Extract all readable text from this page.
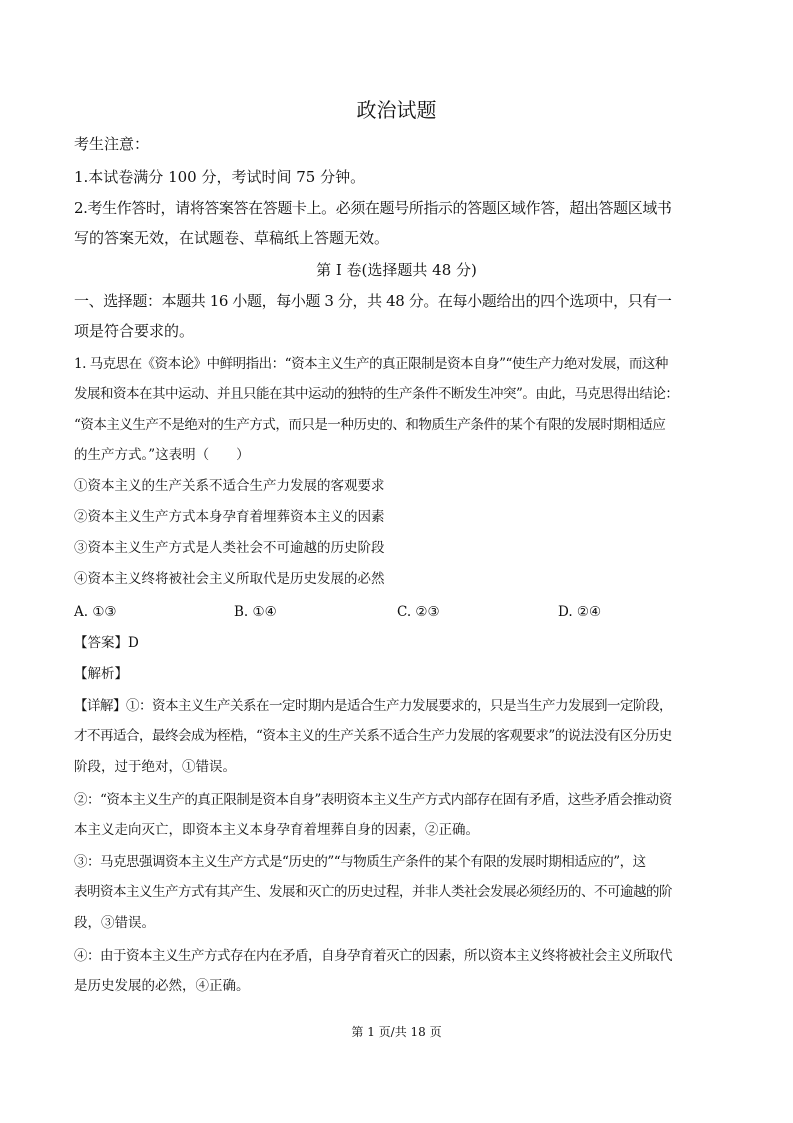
政治试题
考生注意：
1.本试卷满分 100 分，考试时间 75 分钟。
2.考生作答时，请将答案答在答题卡上。必须在题号所指示的答题区域作答，超出答题区域书
写的答案无效，在试题卷、草稿纸上答题无效。
第 I 卷(选择题共 48 分)
一、选择题：本题共 16 小题，每小题 3 分，共 48 分。在每小题给出的四个选项中，只有一
项是符合要求的。
1. 马克思在《资本论》中鲜明指出：“资本主义生产的真正限制是资本自身”“使生产力绝对发展，而这种
发展和资本在其中运动、并且只能在其中运动的独特的生产条件不断发生冲突”。由此，马克思得出结论：
“资本主义生产不是绝对的生产方式，而只是一种历史的、和物质生产条件的某个有限的发展时期相适应
的生产方式。”这表明（　　）
①资本主义的生产关系不适合生产力发展的客观要求
②资本主义生产方式本身孕育着埋葬资本主义的因素
③资本主义生产方式是人类社会不可逾越的历史阶段
④资本主义终将被社会主义所取代是历史发展的必然
A. ①③	B. ①④	C. ②③	D. ②④
【答案】D
【解析】
【详解】①：资本主义生产关系在一定时期内是适合生产力发展要求的，只是当生产力发展到一定阶段，
才不再适合，最终会成为桎梏，“资本主义的生产关系不适合生产力发展的客观要求”的说法没有区分历史
阶段，过于绝对，①错误。
②：“资本主义生产的真正限制是资本自身”表明资本主义生产方式内部存在固有矛盾，这些矛盾会推动资
本主义走向灭亡，即资本主义本身孕育着埋葬自身的因素，②正确。
③：马克思强调资本主义生产方式是“历史的”“与物质生产条件的某个有限的发展时期相适应的”，这
表明资本主义生产方式有其产生、发展和灭亡的历史过程，并非人类社会发展必须经历的、不可逾越的阶
段，③错误。
④：由于资本主义生产方式存在内在矛盾，自身孕育着灭亡的因素，所以资本主义终将被社会主义所取代
是历史发展的必然，④正确。
第 1 页/共 18 页
